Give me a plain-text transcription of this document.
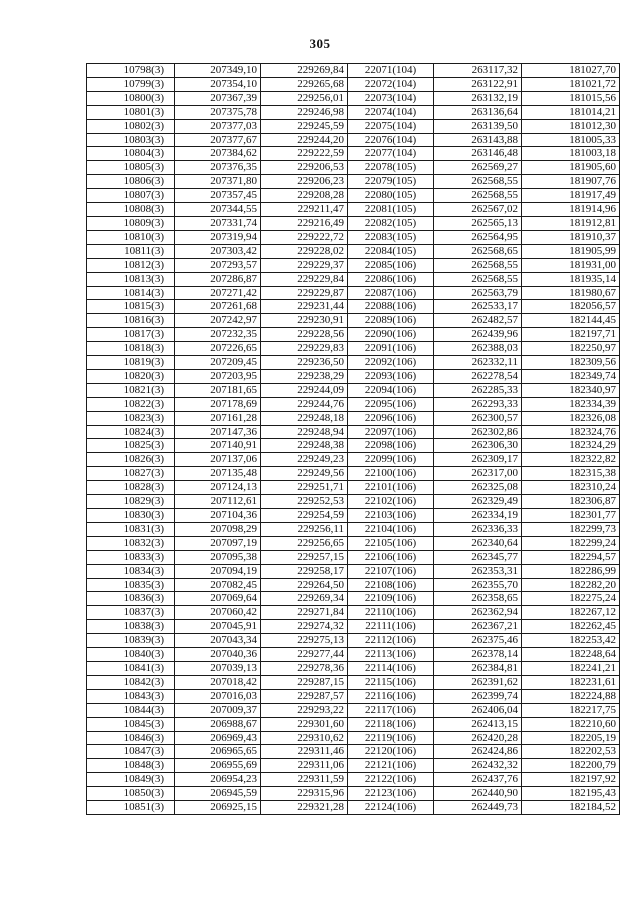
305
10798(3)	207349,10	229269,84	22071(104)	263117,32	181027,70
10799(3)	207354,10	229265,68	22072(104)	263122,91	181021,72
10800(3)	207367,39	229256,01	22073(104)	263132,19	181015,56
10801(3)	207375,78	229246,98	22074(104)	263136,64	181014,21
10802(3)	207377,03	229245,59	22075(104)	263139,50	181012,30
10803(3)	207377,67	229244,20	22076(104)	263143,88	181005,33
10804(3)	207384,62	229222,59	22077(104)	263146,48	181003,18
10805(3)	207376,35	229206,53	22078(105)	262569,27	181905,60
10806(3)	207371,80	229206,23	22079(105)	262568,55	181907,76
10807(3)	207357,45	229208,28	22080(105)	262568,55	181917,49
10808(3)	207344,55	229211,47	22081(105)	262567,02	181914,96
10809(3)	207331,74	229216,49	22082(105)	262565,13	181912,81
10810(3)	207319,94	229222,72	22083(105)	262564,95	181910,37
10811(3)	207303,42	229228,02	22084(105)	262568,65	181905,99
10812(3)	207293,57	229229,37	22085(106)	262568,55	181931,00
10813(3)	207286,87	229229,84	22086(106)	262568,55	181935,14
10814(3)	207271,42	229229,87	22087(106)	262563,79	181980,67
10815(3)	207261,68	229231,44	22088(106)	262533,17	182056,57
10816(3)	207242,97	229230,91	22089(106)	262482,57	182144,45
10817(3)	207232,35	229228,56	22090(106)	262439,96	182197,71
10818(3)	207226,65	229229,83	22091(106)	262388,03	182250,97
10819(3)	207209,45	229236,50	22092(106)	262332,11	182309,56
10820(3)	207203,95	229238,29	22093(106)	262278,54	182349,74
10821(3)	207181,65	229244,09	22094(106)	262285,33	182340,97
10822(3)	207178,69	229244,76	22095(106)	262293,33	182334,39
10823(3)	207161,28	229248,18	22096(106)	262300,57	182326,08
10824(3)	207147,36	229248,94	22097(106)	262302,86	182324,76
10825(3)	207140,91	229248,38	22098(106)	262306,30	182324,29
10826(3)	207137,06	229249,23	22099(106)	262309,17	182322,82
10827(3)	207135,48	229249,56	22100(106)	262317,00	182315,38
10828(3)	207124,13	229251,71	22101(106)	262325,08	182310,24
10829(3)	207112,61	229252,53	22102(106)	262329,49	182306,87
10830(3)	207104,36	229254,59	22103(106)	262334,19	182301,77
10831(3)	207098,29	229256,11	22104(106)	262336,33	182299,73
10832(3)	207097,19	229256,65	22105(106)	262340,64	182299,24
10833(3)	207095,38	229257,15	22106(106)	262345,77	182294,57
10834(3)	207094,19	229258,17	22107(106)	262353,31	182286,99
10835(3)	207082,45	229264,50	22108(106)	262355,70	182282,20
10836(3)	207069,64	229269,34	22109(106)	262358,65	182275,24
10837(3)	207060,42	229271,84	22110(106)	262362,94	182267,12
10838(3)	207045,91	229274,32	22111(106)	262367,21	182262,45
10839(3)	207043,34	229275,13	22112(106)	262375,46	182253,42
10840(3)	207040,36	229277,44	22113(106)	262378,14	182248,64
10841(3)	207039,13	229278,36	22114(106)	262384,81	182241,21
10842(3)	207018,42	229287,15	22115(106)	262391,62	182231,61
10843(3)	207016,03	229287,57	22116(106)	262399,74	182224,88
10844(3)	207009,37	229293,22	22117(106)	262406,04	182217,75
10845(3)	206988,67	229301,60	22118(106)	262413,15	182210,60
10846(3)	206969,43	229310,62	22119(106)	262420,28	182205,19
10847(3)	206965,65	229311,46	22120(106)	262424,86	182202,53
10848(3)	206955,69	229311,06	22121(106)	262432,32	182200,79
10849(3)	206954,23	229311,59	22122(106)	262437,76	182197,92
10850(3)	206945,59	229315,96	22123(106)	262440,90	182195,43
10851(3)	206925,15	229321,28	22124(106)	262449,73	182184,52
